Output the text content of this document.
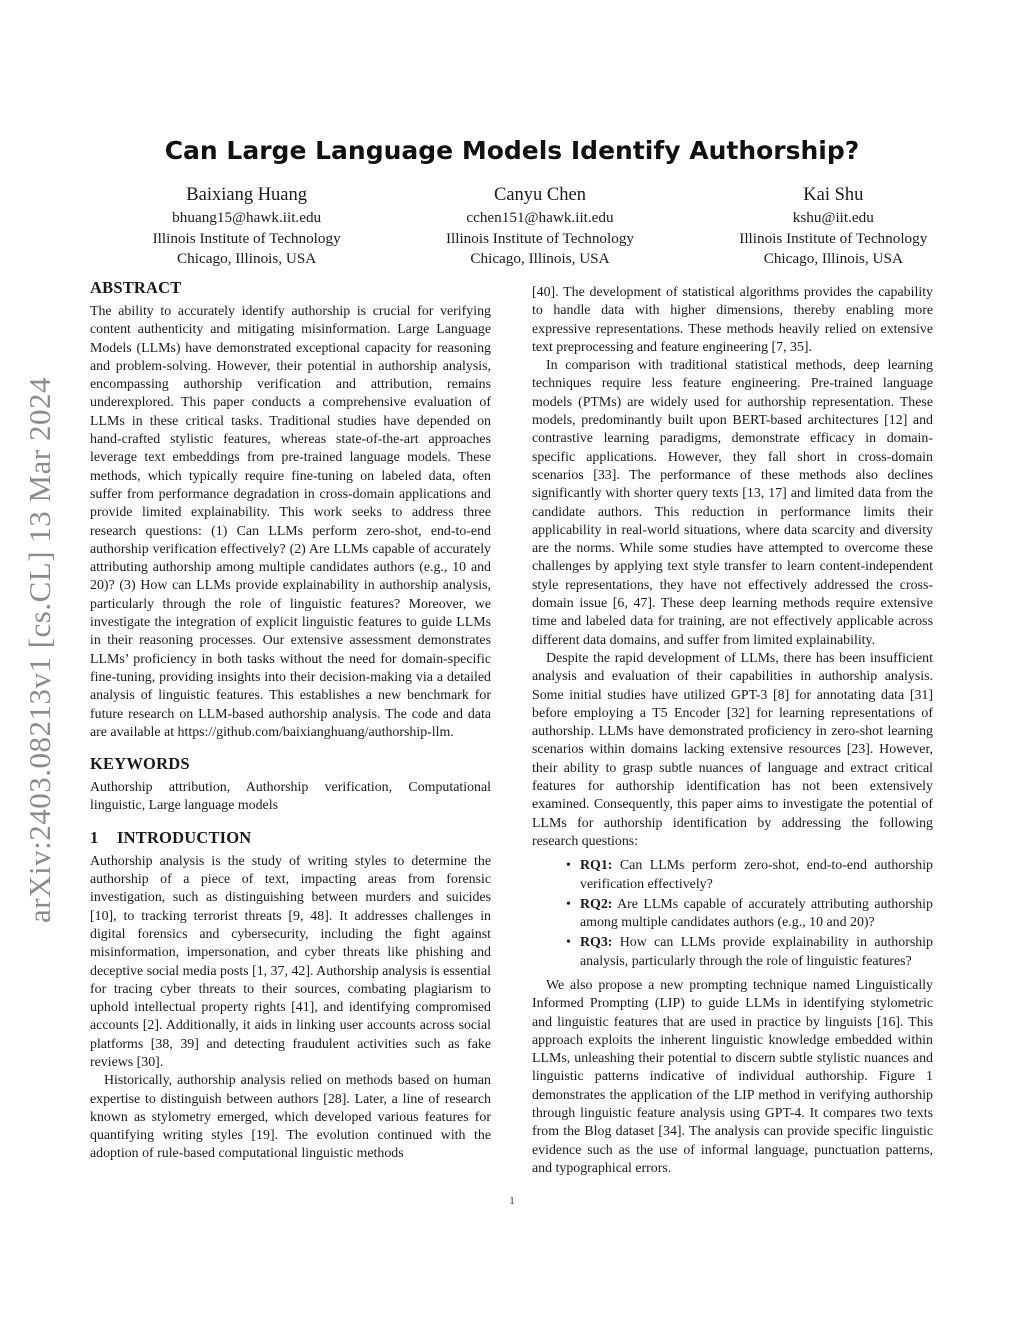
arXiv:2403.08213v1 [cs.CL] 13 Mar 2024
Can Large Language Models Identify Authorship?
Baixiang Huang
bhuang15@hawk.iit.edu
Illinois Institute of Technology
Chicago, Illinois, USA
Canyu Chen
cchen151@hawk.iit.edu
Illinois Institute of Technology
Chicago, Illinois, USA
Kai Shu
kshu@iit.edu
Illinois Institute of Technology
Chicago, Illinois, USA
ABSTRACT

The ability to accurately identify authorship is crucial for verifying content authenticity and mitigating misinformation. Large Language Models (LLMs) have demonstrated exceptional capacity for reasoning and problem-solving. However, their potential in authorship analysis, encompassing authorship verification and attribution, remains underexplored. This paper conducts a comprehensive evaluation of LLMs in these critical tasks. Traditional studies have depended on hand-crafted stylistic features, whereas state-of-the-art approaches leverage text embeddings from pre-trained language models. These methods, which typically require fine-tuning on labeled data, often suffer from performance degradation in cross-domain applications and provide limited explainability. This work seeks to address three research questions: (1) Can LLMs perform zero-shot, end-to-end authorship verification effectively? (2) Are LLMs capable of accurately attributing authorship among multiple candidates authors (e.g., 10 and 20)? (3) How can LLMs provide explainability in authorship analysis, particularly through the role of linguistic features? Moreover, we investigate the integration of explicit linguistic features to guide LLMs in their reasoning processes. Our extensive assessment demonstrates LLMs’ proficiency in both tasks without the need for domain-specific fine-tuning, providing insights into their decision-making via a detailed analysis of linguistic features. This establishes a new benchmark for future research on LLM-based authorship analysis. The code and data are available at https://github.com/baixianghuang/authorship-llm.

KEYWORDS

Authorship attribution, Authorship verification, Computational linguistic, Large language models

1 INTRODUCTION

Authorship analysis is the study of writing styles to determine the authorship of a piece of text, impacting areas from forensic investigation, such as distinguishing between murders and suicides [10], to tracking terrorist threats [9, 48]. It addresses challenges in digital forensics and cybersecurity, including the fight against misinformation, impersonation, and cyber threats like phishing and deceptive social media posts [1, 37, 42]. Authorship analysis is essential for tracing cyber threats to their sources, combating plagiarism to uphold intellectual property rights [41], and identifying compromised accounts [2]. Additionally, it aids in linking user accounts across social platforms [38, 39] and detecting fraudulent activities such as fake reviews [30].

Historically, authorship analysis relied on methods based on human expertise to distinguish between authors [28]. Later, a line of research known as stylometry emerged, which developed various features for quantifying writing styles [19]. The evolution continued with the adoption of rule-based computational linguistic methods

[40]. The development of statistical algorithms provides the capability to handle data with higher dimensions, thereby enabling more expressive representations. These methods heavily relied on extensive text preprocessing and feature engineering [7, 35].

In comparison with traditional statistical methods, deep learning techniques require less feature engineering. Pre-trained language models (PTMs) are widely used for authorship representation. These models, predominantly built upon BERT-based architectures [12] and contrastive learning paradigms, demonstrate efficacy in domain-specific applications. However, they fall short in cross-domain scenarios [33]. The performance of these methods also declines significantly with shorter query texts [13, 17] and limited data from the candidate authors. This reduction in performance limits their applicability in real-world situations, where data scarcity and diversity are the norms. While some studies have attempted to overcome these challenges by applying text style transfer to learn content-independent style representations, they have not effectively addressed the cross-domain issue [6, 47]. These deep learning methods require extensive time and labeled data for training, are not effectively applicable across different data domains, and suffer from limited explainability.

Despite the rapid development of LLMs, there has been insufficient analysis and evaluation of their capabilities in authorship analysis. Some initial studies have utilized GPT-3 [8] for annotating data [31] before employing a T5 Encoder [32] for learning representations of authorship. LLMs have demonstrated proficiency in zero-shot learning scenarios within domains lacking extensive resources [23]. However, their ability to grasp subtle nuances of language and extract critical features for authorship identification has not been extensively examined. Consequently, this paper aims to investigate the potential of LLMs for authorship identification by addressing the following research questions:

• RQ1: Can LLMs perform zero-shot, end-to-end authorship verification effectively?
• RQ2: Are LLMs capable of accurately attributing authorship among multiple candidates authors (e.g., 10 and 20)?
• RQ3: How can LLMs provide explainability in authorship analysis, particularly through the role of linguistic features?

We also propose a new prompting technique named Linguistically Informed Prompting (LIP) to guide LLMs in identifying stylometric and linguistic features that are used in practice by linguists [16]. This approach exploits the inherent linguistic knowledge embedded within LLMs, unleashing their potential to discern subtle stylistic nuances and linguistic patterns indicative of individual authorship. Figure 1 demonstrates the application of the LIP method in verifying authorship through linguistic feature analysis using GPT-4. It compares two texts from the Blog dataset [34]. The analysis can provide specific linguistic evidence such as the use of informal language, punctuation patterns, and typographical errors.

1
